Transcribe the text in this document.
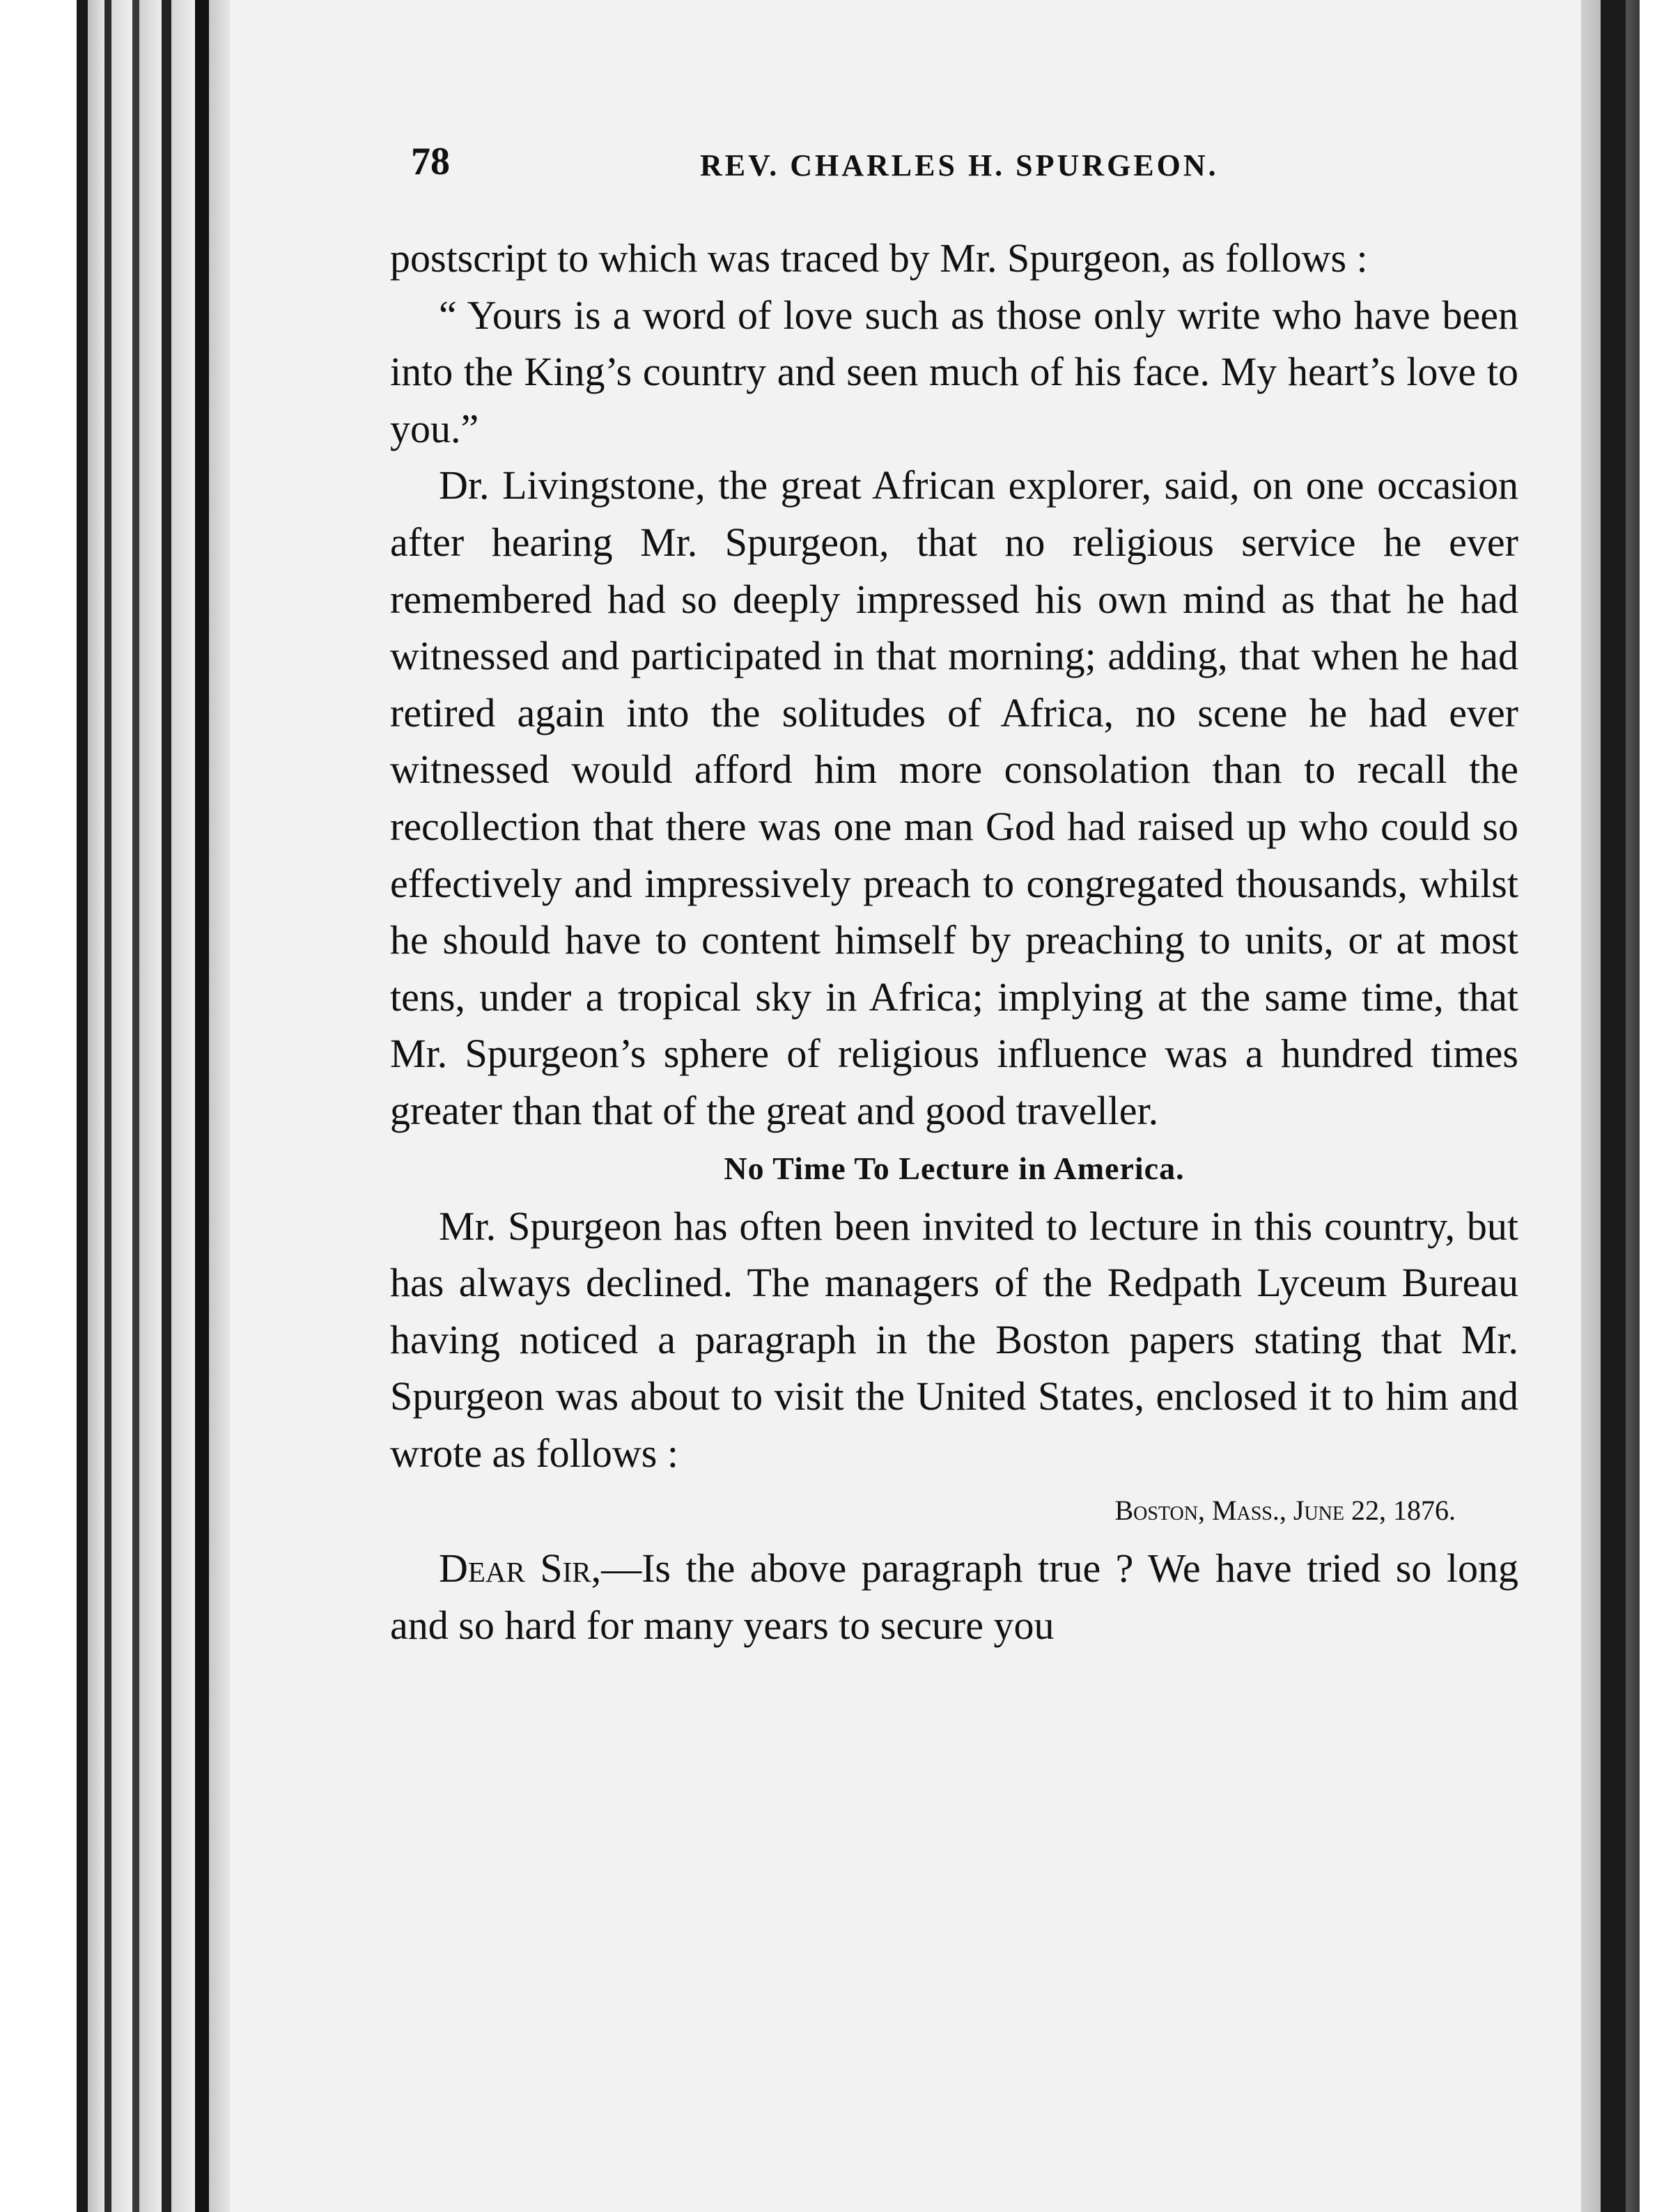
78	REV. CHARLES H. SPURGEON.

postscript to which was traced by Mr. Spurgeon, as follows :

“ Yours is a word of love such as those only write who have been into the King’s country and seen much of his face. My heart’s love to you.”

Dr. Livingstone, the great African explorer, said, on one occasion after hearing Mr. Spurgeon, that no religious service he ever remembered had so deeply impressed his own mind as that he had witnessed and participated in that morning; adding, that when he had retired again into the solitudes of Africa, no scene he had ever witnessed would afford him more consolation than to recall the recollection that there was one man God had raised up who could so effectively and impressively preach to congregated thousands, whilst he should have to content himself by preaching to units, or at most tens, under a tropical sky in Africa; implying at the same time, that Mr. Spurgeon’s sphere of religious influence was a hundred times greater than that of the great and good traveller.

No Time To Lecture in America.

Mr. Spurgeon has often been invited to lecture in this country, but has always declined. The managers of the Redpath Lyceum Bureau having noticed a paragraph in the Boston papers stating that Mr. Spurgeon was about to visit the United States, enclosed it to him and wrote as follows :

Boston, Mass., June 22, 1876.

Dear Sir,—Is the above paragraph true ? We have tried so long and so hard for many years to secure you
